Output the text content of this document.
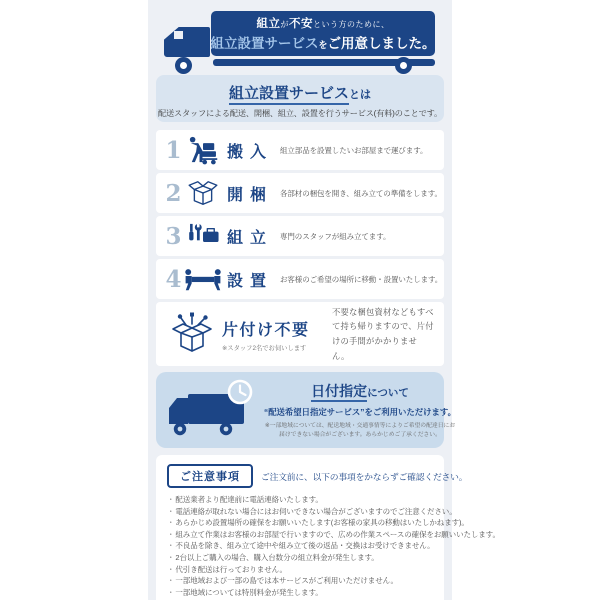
組立が不安という方のために、
組立設置サービスをご用意しました。
組立設置サービスとは
配送スタッフによる配送、開梱、組立、設置を行うサービス(有料)のことです。
1	搬入 組立部品を設置したいお部屋まで運びます。
2	開梱 各部材の梱包を開き、組み立ての準備をします。
3	組立 専門のスタッフが組み立てます。
4	設置 お客様のご希望の場所に移動・設置いたします。
片付け不要
※スタッフ2名でお伺いします
不要な梱包資材などもすべて持ち帰りますので、片付けの手間がかかりません。
日付指定について
“配送希望日指定サービス”をご利用いただけます。
※一部地域については、配送地域・交通事情等によりご希望の配達日にお届けできない場合がございます。あらかじめご了承ください。
ご注意事項	ご注文前に、以下の事項をかならずご確認ください。
・ 配送業者より配達前に電話連絡いたします。
・ 電話連絡が取れない場合にはお伺いできない場合がございますのでご注意ください。
・ あらかじめ設置場所の確保をお願いいたします(お客様の家具の移動はいたしかねます)。
・ 組み立て作業はお客様のお部屋で行いますので、広めの作業スペースの確保をお願いいたします。
・ 不良品を除き、組み立て途中や組み立て後の返品・交換はお受けできません。
・ 2台以上ご購入の場合、購入台数分の組立料金が発生します。
・ 代引き配送は行っておりません。
・ 一部地域および一部の島では本サービスがご利用いただけません。
・ 一部地域については特別料金が発生します。
